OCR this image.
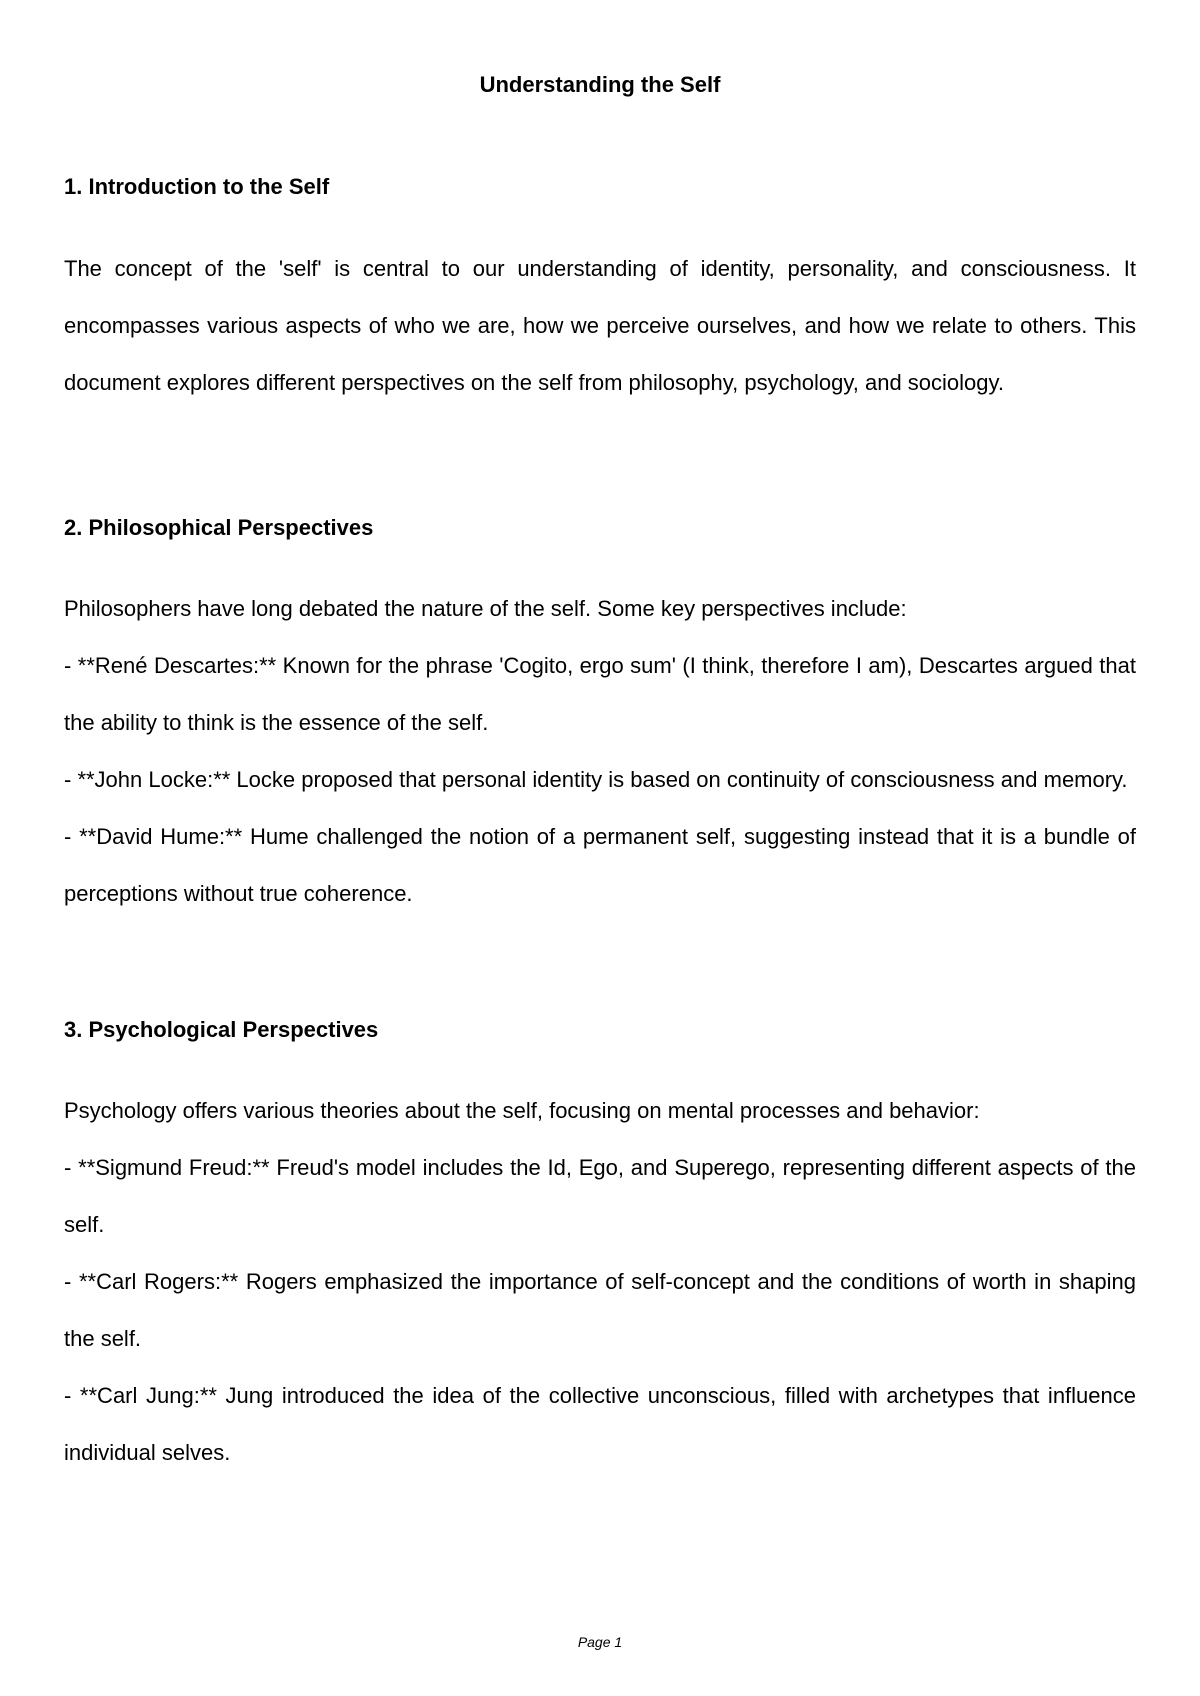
Understanding the Self
1. Introduction to the Self

The concept of the 'self' is central to our understanding of identity, personality, and consciousness. It encompasses various aspects of who we are, how we perceive ourselves, and how we relate to others. This document explores different perspectives on the self from philosophy, psychology, and sociology.

2. Philosophical Perspectives

Philosophers have long debated the nature of the self. Some key perspectives include:

- **René Descartes:** Known for the phrase 'Cogito, ergo sum' (I think, therefore I am), Descartes argued that the ability to think is the essence of the self.

- **John Locke:** Locke proposed that personal identity is based on continuity of consciousness and memory.

- **David Hume:** Hume challenged the notion of a permanent self, suggesting instead that it is a bundle of perceptions without true coherence.

3. Psychological Perspectives

Psychology offers various theories about the self, focusing on mental processes and behavior:

- **Sigmund Freud:** Freud's model includes the Id, Ego, and Superego, representing different aspects of the self.

- **Carl Rogers:** Rogers emphasized the importance of self-concept and the conditions of worth in shaping the self.

- **Carl Jung:** Jung introduced the idea of the collective unconscious, filled with archetypes that influence individual selves.

Page 1
